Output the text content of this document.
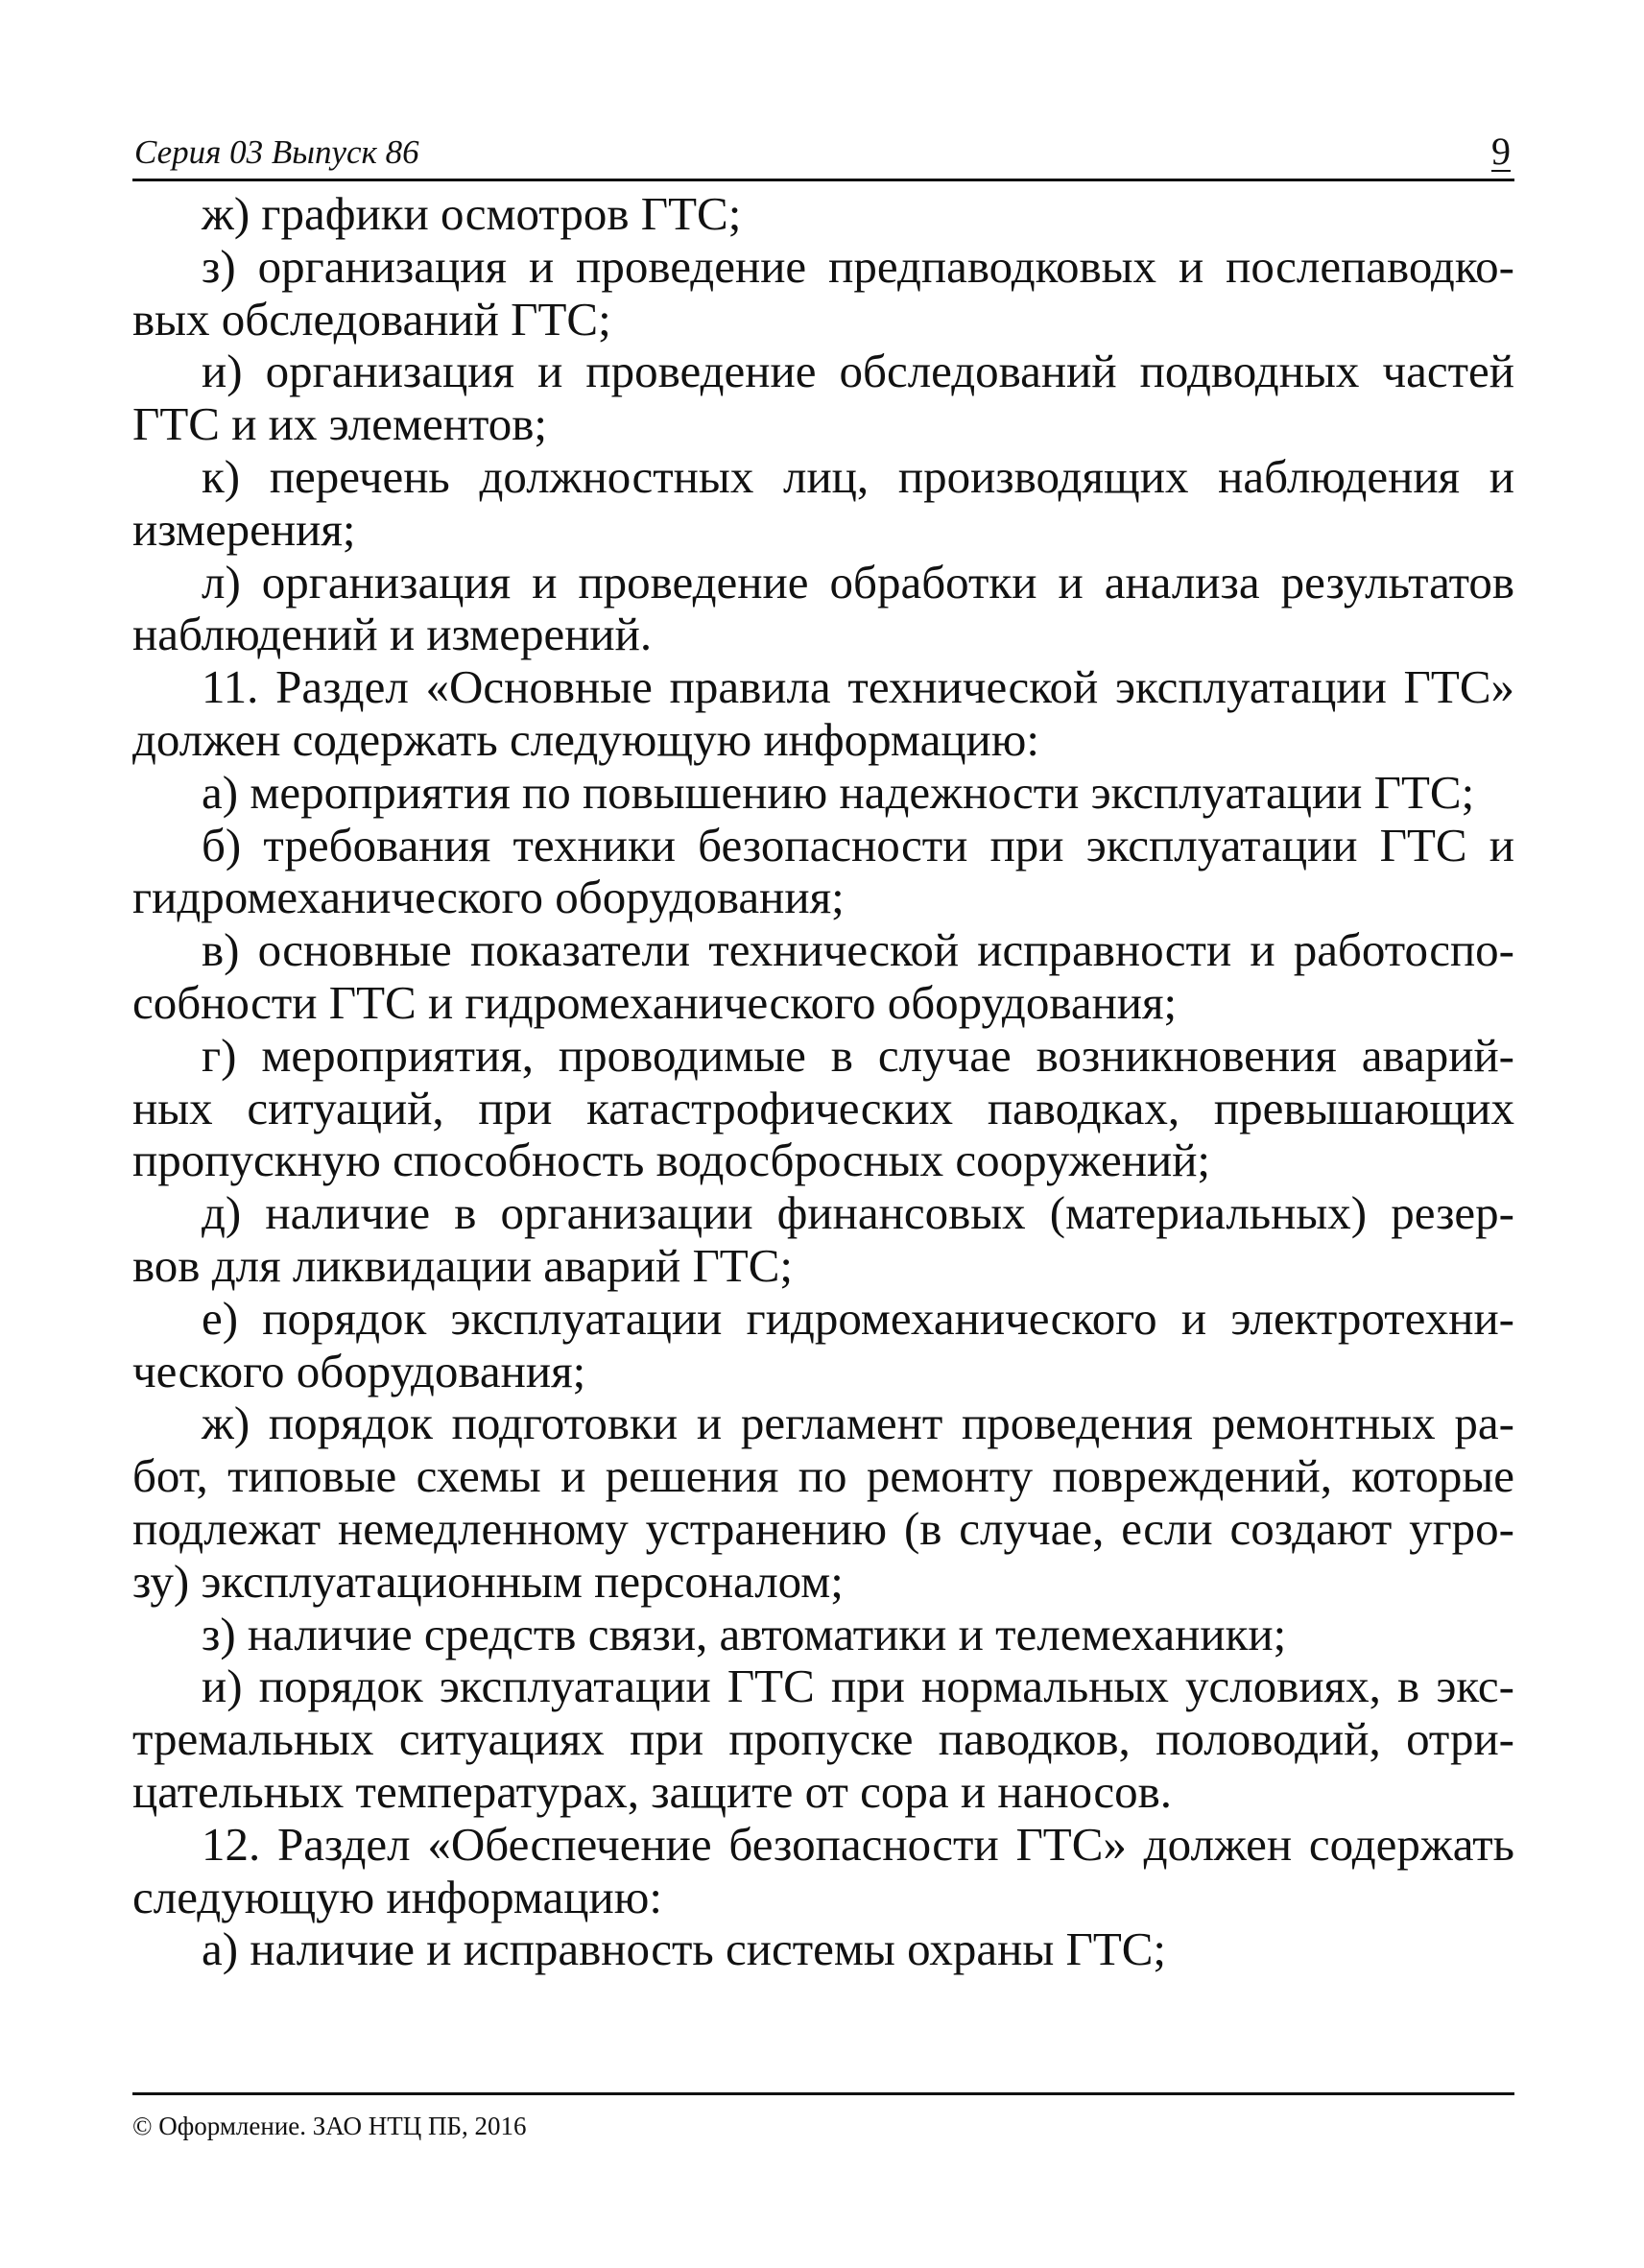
Серия 03 Выпуск 86	9
ж) графики осмотров ГТС;
з) организация и проведение предпаводковых и послепаводко-
вых обследований ГТС;
и) организация и проведение обследований подводных частей
ГТС и их элементов;
к) перечень должностных лиц, производящих наблюдения и
измерения;
л) организация и проведение обработки и анализа результатов
наблюдений и измерений.
11. Раздел «Основные правила технической эксплуатации ГТС»
должен содержать следующую информацию:
а) мероприятия по повышению надежности эксплуатации ГТС;
б) требования техники безопасности при эксплуатации ГТС и
гидромеханического оборудования;
в) основные показатели технической исправности и работоспо-
собности ГТС и гидромеханического оборудования;
г) мероприятия, проводимые в случае возникновения аварий-
ных ситуаций, при катастрофических паводках, превышающих
пропускную способность водосбросных сооружений;
д) наличие в организации финансовых (материальных) резер-
вов для ликвидации аварий ГТС;
е) порядок эксплуатации гидромеханического и электротехни-
ческого оборудования;
ж) порядок подготовки и регламент проведения ремонтных ра-
бот, типовые схемы и решения по ремонту повреждений, которые
подлежат немедленному устранению (в случае, если создают угро-
зу) эксплуатационным персоналом;
з) наличие средств связи, автоматики и телемеханики;
и) порядок эксплуатации ГТС при нормальных условиях, в экс-
тремальных ситуациях при пропуске паводков, половодий, отри-
цательных температурах, защите от сора и наносов.
12. Раздел «Обеспечение безопасности ГТС» должен содержать
следующую информацию:
а) наличие и исправность системы охраны ГТС;
© Оформление. ЗАО НТЦ ПБ, 2016
